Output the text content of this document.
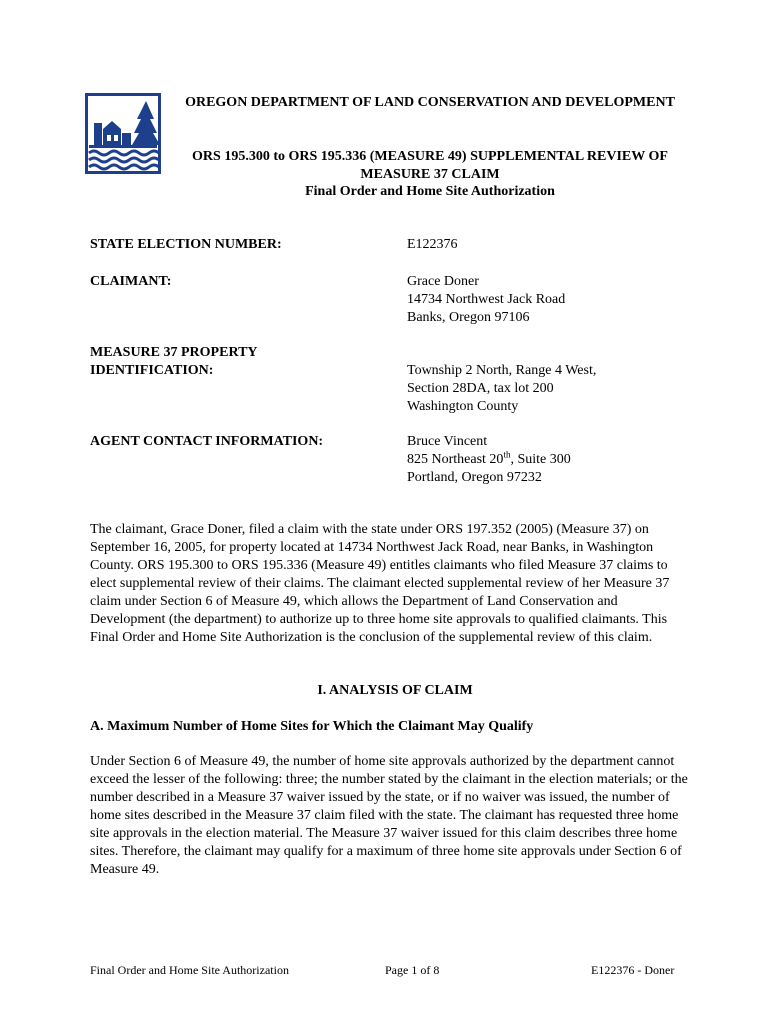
OREGON DEPARTMENT OF LAND CONSERVATION AND DEVELOPMENT
ORS 195.300 to ORS 195.336 (MEASURE 49) SUPPLEMENTAL REVIEW OF MEASURE 37 CLAIM
Final Order and Home Site Authorization
STATE ELECTION NUMBER:	E122376
CLAIMANT:	Grace Doner
14734 Northwest Jack Road
Banks, Oregon 97106
MEASURE 37 PROPERTY
IDENTIFICATION:	Township 2 North, Range 4 West,
Section 28DA, tax lot 200
Washington County
AGENT CONTACT INFORMATION:	Bruce Vincent
825 Northeast 20th, Suite 300
Portland, Oregon 97232

The claimant, Grace Doner, filed a claim with the state under ORS 197.352 (2005) (Measure 37) on September 16, 2005, for property located at 14734 Northwest Jack Road, near Banks, in Washington County. ORS 195.300 to ORS 195.336 (Measure 49) entitles claimants who filed Measure 37 claims to elect supplemental review of their claims. The claimant elected supplemental review of her Measure 37 claim under Section 6 of Measure 49, which allows the Department of Land Conservation and Development (the department) to authorize up to three home site approvals to qualified claimants. This Final Order and Home Site Authorization is the conclusion of the supplemental review of this claim.

I. ANALYSIS OF CLAIM
A. Maximum Number of Home Sites for Which the Claimant May Qualify

Under Section 6 of Measure 49, the number of home site approvals authorized by the department cannot exceed the lesser of the following: three; the number stated by the claimant in the election materials; or the number described in a Measure 37 waiver issued by the state, or if no waiver was issued, the number of home sites described in the Measure 37 claim filed with the state. The claimant has requested three home site approvals in the election material. The Measure 37 waiver issued for this claim describes three home sites. Therefore, the claimant may qualify for a maximum of three home site approvals under Section 6 of Measure 49.

Final Order and Home Site Authorization	Page 1 of 8	E122376 - Doner
